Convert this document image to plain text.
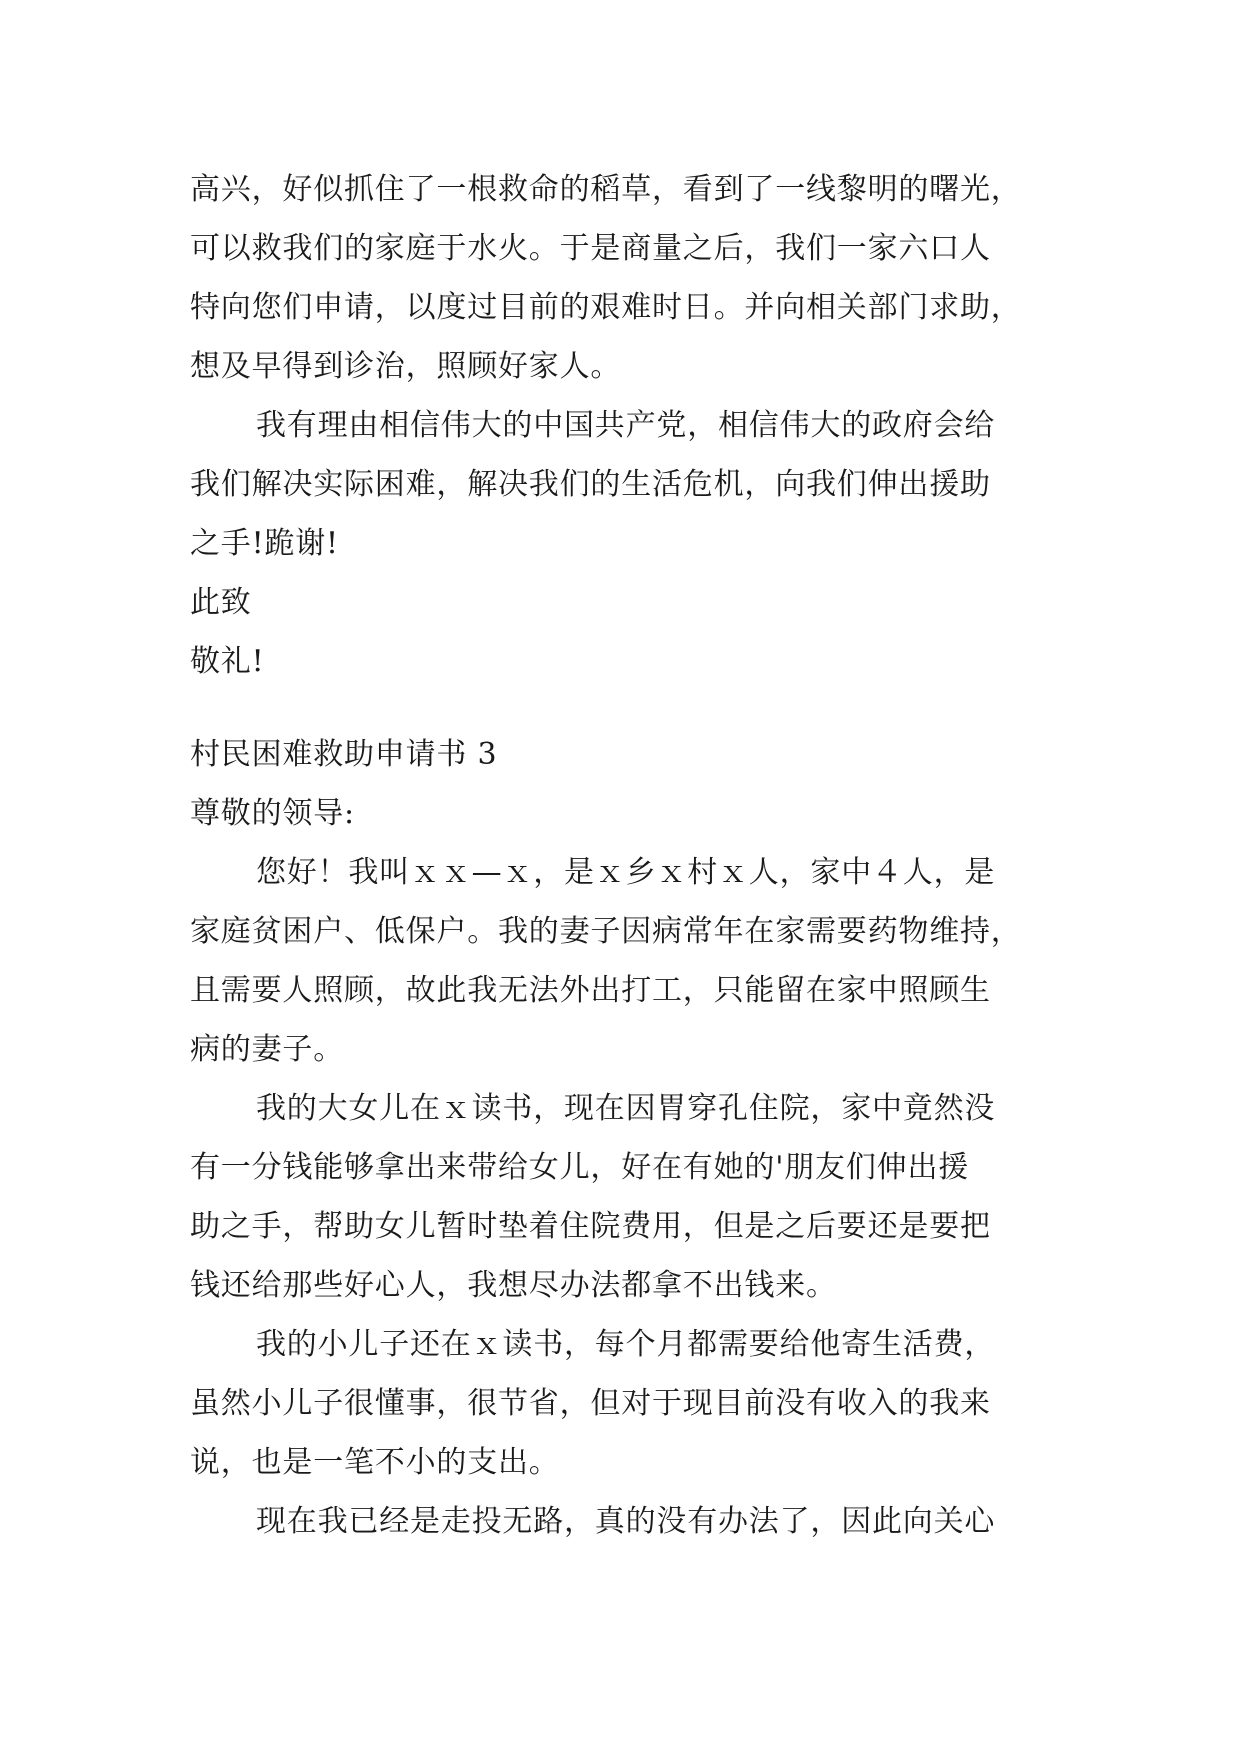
高兴，好似抓住了一根救命的稻草，看到了一线黎明的曙光，
可以救我们的家庭于水火。于是商量之后，我们一家六口人
特向您们申请，以度过目前的艰难时日。并向相关部门求助，
想及早得到诊治，照顾好家人。
我有理由相信伟大的中国共产党，相信伟大的政府会给
我们解决实际困难，解决我们的生活危机，向我们伸出援助
之手!跪谢!
此致
敬礼!
村民困难救助申请书 3
尊敬的领导:
您好！我叫ｘｘ—ｘ，是ｘ乡ｘ村ｘ人，家中４人，是
家庭贫困户、低保户。我的妻子因病常年在家需要药物维持，
且需要人照顾，故此我无法外出打工，只能留在家中照顾生
病的妻子。
我的大女儿在ｘ读书，现在因胃穿孔住院，家中竟然没
有一分钱能够拿出来带给女儿，好在有她的'朋友们伸出援
助之手，帮助女儿暂时垫着住院费用，但是之后要还是要把
钱还给那些好心人，我想尽办法都拿不出钱来。
我的小儿子还在ｘ读书，每个月都需要给他寄生活费，
虽然小儿子很懂事，很节省，但对于现目前没有收入的我来
说，也是一笔不小的支出。
现在我已经是走投无路，真的没有办法了，因此向关心
